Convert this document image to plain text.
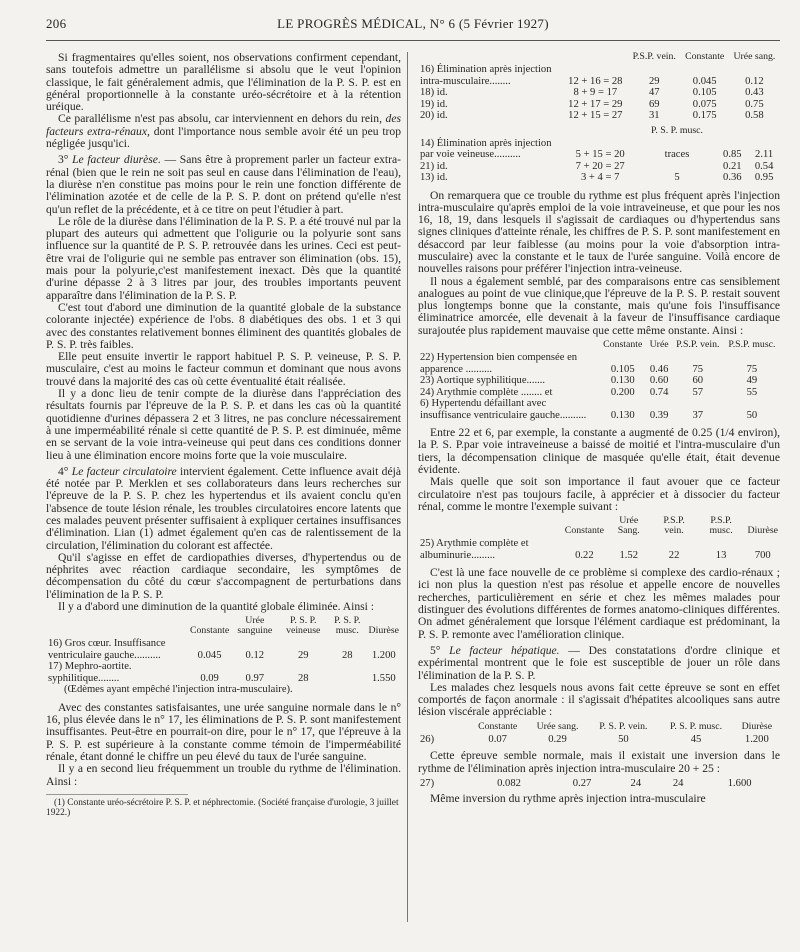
206	LE PROGRÈS MÉDICAL, N° 6 (5 Février 1927)

Si fragmentaires qu'elles soient, nos observations confirment cependant, sans toutefois admettre un parallélisme si absolu que le veut l'opinion classique, le fait généralement admis, que l'élimination de la P. S. P. est en général proportionnelle à la constante uréo-sécrétoire et à la rétention uréique.

Ce parallélisme n'est pas absolu, car interviennent en dehors du rein, des facteurs extra-rénaux, dont l'importance nous semble avoir été un peu trop négligée jusqu'ici.

3° Le facteur diurèse. — Sans être à proprement parler un facteur extra-rénal (bien que le rein ne soit pas seul en cause dans l'élimination de l'eau), la diurèse n'en constitue pas moins pour le rein une fonction différente de l'élimination azotée et de celle de la P. S. P. dont on prétend qu'elle n'est qu'un reflet de la précédente, et à ce titre on peut l'étudier à part.

Le rôle de la diurèse dans l'élimination de la P. S. P. a été trouvé nul par la plupart des auteurs qui admettent que l'oligurie ou la polyurie sont sans influence sur la quantité de P. S. P. retrouvée dans les urines. Ceci est peut-être vrai de l'oligurie qui ne semble pas entraver son élimination (obs. 15), mais pour la polyurie,c'est manifestement inexact. Dès que la quantité d'urine dépasse 2 à 3 litres par jour, des troubles importants peuvent apparaître dans l'élimination de la P. S. P.

C'est tout d'abord une diminution de la quantité globale de la substance colorante injectée) expérience de l'obs. 8 diabétiques des obs. 1 et 3 qui avec des constantes relativement bonnes éliminent des quantités globales de P. S. P. très faibles.

Elle peut ensuite invertir le rapport habituel P. S. P. veineuse, P. S. P. musculaire, c'est au moins le facteur commun et dominant que nous avons trouvé dans la majorité des cas où cette éventualité était réalisée.

Il y a donc lieu de tenir compte de la diurèse dans l'appréciation des résultats fournis par l'épreuve de la P. S. P. et dans les cas où la quantité quotidienne d'urines dépassera 2 et 3 litres, ne pas conclure nécessairement à une imperméabilité rénale si cette quantité de P. S. P. est diminuée, même en se servant de la voie intra-veineuse qui peut dans ces conditions donner lieu à une élimination encore moins forte que la voie musculaire.

4° Le facteur circulatoire intervient également. Cette influence avait déjà été notée par P. Merklen et ses collaborateurs dans leurs recherches sur l'épreuve de la P. S. P. chez les hypertendus et ils avaient conclu qu'en l'absence de toute lésion rénale, les troubles circulatoires encore latents que ces malades peuvent présenter suffisaient à expliquer certaines insuffisances d'élimination. Lian (1) admet également qu'en cas de ralentissement de la circulation, l'élimination du colorant est affectée.

Qu'il s'agisse en effet de cardiopathies diverses, d'hypertendus ou de néphrites avec réaction cardiaque secondaire, les symptômes de décompensation du côté du cœur s'accompagnent de perturbations dans l'élimination de la P. S. P.

Il y a d'abord une diminution de la quantité globale éliminée. Ainsi :

	Constante	Urée sanguine	P. S. P. veineuse	P. S. P. musc.	Diurèse
16) Gros cœur. Insuffisance ventriculaire gauche..........	0.045	0.12	29	28	1.200
17) Mephro-aortite. syphilitique........	0.09	0.97	28		1.550
(Œdèmes ayant empêché l'injection intra-musculaire).					

Avec des constantes satisfaisantes, une urée sanguine normale dans le n° 16, plus élevée dans le n° 17, les éliminations de P. S. P. sont manifestement insuffisantes. Peut-être en pourrait-on dire, pour le n° 17, que l'épreuve à la P. S. P. est supérieure à la constante comme témoin de l'imperméabilité rénale, étant donné le chiffre un peu élevé du taux de l'urée sanguine.

Il y a en second lieu fréquemment un trouble du rythme de l'élimination. Ainsi :

(1) Constante uréo-sécrétoire P. S. P. et néphrectomie. (Société française d'urologie, 3 juillet 1922.)

		P.S.P. vein.	Constante	Urée sang.
16) Élimination après injection intra-musculaire........	12 + 16 = 28	29	0.045	0.12
18) id.	8 + 9 = 17	47	0.105	0.43
19) id.	12 + 17 = 29	69	0.075	0.75
20) id.	12 + 15 = 27	31	0.175	0.58
		P. S. P. musc.		
14) Élimination après injection par voie veineuse..........	5 + 15 = 20	traces	0.85	2.11
21) id.	7 + 20 = 27		0.21	0.54
13) id.	3 + 4 = 7	5	0.36	0.95

On remarquera que ce trouble du rythme est plus fréquent après l'injection intra-musculaire qu'après emploi de la voie intraveineuse, et que pour les nos 16, 18, 19, dans lesquels il s'agissait de cardiaques ou d'hypertendus sans signes cliniques d'atteinte rénale, les chiffres de P. S. P. sont manifestement en désaccord par leur faiblesse (au moins pour la voie d'absorption intra-musculaire) avec la constante et le taux de l'urée sanguine. Voilà encore de nouvelles raisons pour préférer l'injection intra-veineuse.

Il nous a également semblé, par des comparaisons entre cas sensiblement analogues au point de vue clinique,que l'épreuve de la P. S. P. restait souvent plus longtemps bonne que la constante, mais qu'une fois l'insuffisance éliminatrice amorcée, elle devenait à la faveur de l'insuffisance cardiaque surajoutée plus rapidement mauvaise que cette même onstante. Ainsi :

	Constante	Urée	P.S.P. vein.	P.S.P. musc.
22) Hypertension bien compensée en apparence ..........	0.105	0.46	75	75
23) Aortique syphilitique.......	0.130	0.60	60	49
24) Arythmie complète ........ et	0.200	0.74	57	55
6) Hypertendu défaillant avec insuffisance ventriculaire gauche..........	0.130	0.39	37	50

Entre 22 et 6, par exemple, la constante a augmenté de 0.25 (1/4 environ), la P. S. P.par voie intraveineuse a baissé de moitié et l'intra-musculaire d'un tiers, la décompensation clinique de masquée qu'elle était, était devenue évidente.

Mais quelle que soit son importance il faut avouer que ce facteur circulatoire n'est pas toujours facile, à apprécier et à dissocier du facteur rénal, comme le montre l'exemple suivant :

	Constante	Urée Sang.	P.S.P. vein.	P.S.P. musc.	Diurèse
25) Arythmie complète et albuminurie.........	0.22	1.52	22	13	700

C'est là une face nouvelle de ce problème si complexe des cardio-rénaux ; ici non plus la question n'est pas résolue et appelle encore de nouvelles recherches, particulièrement en série et chez les mêmes malades pour distinguer des évolutions différentes de formes anatomo-cliniques différentes. On admet généralement que lorsque l'élément cardiaque est prédominant, la P. S. P. remonte avec l'amélioration clinique.

5° Le facteur hépatique. — Des constatations d'ordre clinique et expérimental montrent que le foie est susceptible de jouer un rôle dans l'élimination de la P. S. P.

Les malades chez lesquels nous avons fait cette épreuve se sont en effet comportés de façon anormale : il s'agissait d'hépatites alcooliques sans autre lésion viscérale appréciable :

	Constante	Urée sang.	P. S. P. vein.	P. S. P. musc.	Diurèse
26)	0.07	0.29	50	45	1.200

Cette épreuve semble normale, mais il existait une inversion dans le rythme de l'élimination après injection intra-musculaire 20 + 25 :

27)	0.082	0.27	24	24	1.600

Même inversion du rythme après injection intra-musculaire
